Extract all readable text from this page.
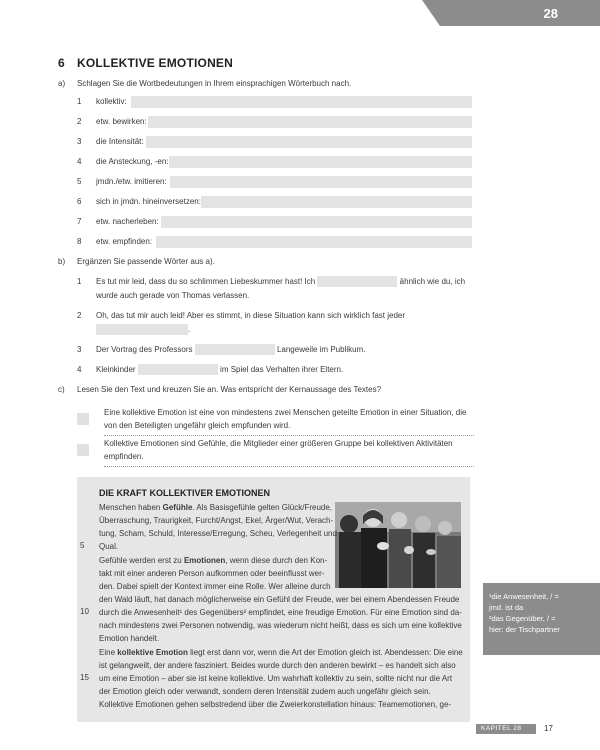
28
6 KOLLEKTIVE EMOTIONEN
a) Schlagen Sie die Wortbedeutungen in Ihrem einsprachigen Wörterbuch nach.
1	kollektiv:
2	etw. bewirken:
3	die Intensität:
4	die Ansteckung, -en:
5	jmdn./etw. imitieren:
6	sich in jmdn. hineinversetzen:
7	etw. nacherleben:
8	etw. empfinden:
b) Ergänzen Sie passende Wörter aus a).
1 Es tut mir leid, dass du so schlimmen Liebeskummer hast! Ich	ähnlich wie du, ich
wurde auch gerade von Thomas verlassen.
2 Oh, das tut mir auch leid! Aber es stimmt, in diese Situation kann sich wirklich fast jeder
.
3 Der Vortrag des Professors	Langeweile im Publikum.
4 Kleinkinder	im Spiel das Verhalten ihrer Eltern.
c) Lesen Sie den Text und kreuzen Sie an. Was entspricht der Kernaussage des Textes?
Eine kollektive Emotion ist eine von mindestens zwei Menschen geteilte Emotion in einer Situation, die
von den Beteiligten ungefähr gleich empfunden wird.
Kollektive Emotionen sind Gefühle, die Mitglieder einer größeren Gruppe bei kollektiven Aktivitäten
empfinden.
DIE KRAFT KOLLEKTIVER EMOTIONEN
Menschen haben Gefühle. Als Basisgefühle gelten Glück/Freude,
Überraschung, Traurigkeit, Furcht/Angst, Ekel, Ärger/Wut, Verach-
tung, Scham, Schuld, Interesse/Erregung, Scheu, Verlegenheit und
Qual.
Gefühle werden erst zu Emotionen, wenn diese durch den Kon-
takt mit einer anderen Person aufkommen oder beeinflusst wer-
den. Dabei spielt der Kontext immer eine Rolle. Wer alleine durch
den Wald läuft, hat danach möglicherweise ein Gefühl der Freude, wer bei einem Abendessen Freude
durch die Anwesenheit¹ des Gegenübers² empfindet, eine freudige Emotion. Für eine Emotion sind da-
nach mindestens zwei Personen notwendig, was wiederum nicht heißt, dass es sich um eine kollektive
Emotion handelt.
Eine kollektive Emotion liegt erst dann vor, wenn die Art der Emotion gleich ist. Abendessen: Die eine
ist gelangweilt, der andere fasziniert. Beides wurde durch den anderen bewirkt – es handelt sich also
um eine Emotion – aber sie ist keine kollektive. Um wahrhaft kollektiv zu sein, sollte nicht nur die Art
der Emotion gleich oder verwandt, sondern deren Intensität zudem auch ungefähr gleich sein.
Kollektive Emotionen gehen selbstredend über die Zweierkonstellation hinaus: Teamemotionen, ge-
5
10
15
¹die Anwesenheit, / =
jmd. ist da
²das Gegenüber, / =
hier: der Tischpartner
KAPITEL 28	17
